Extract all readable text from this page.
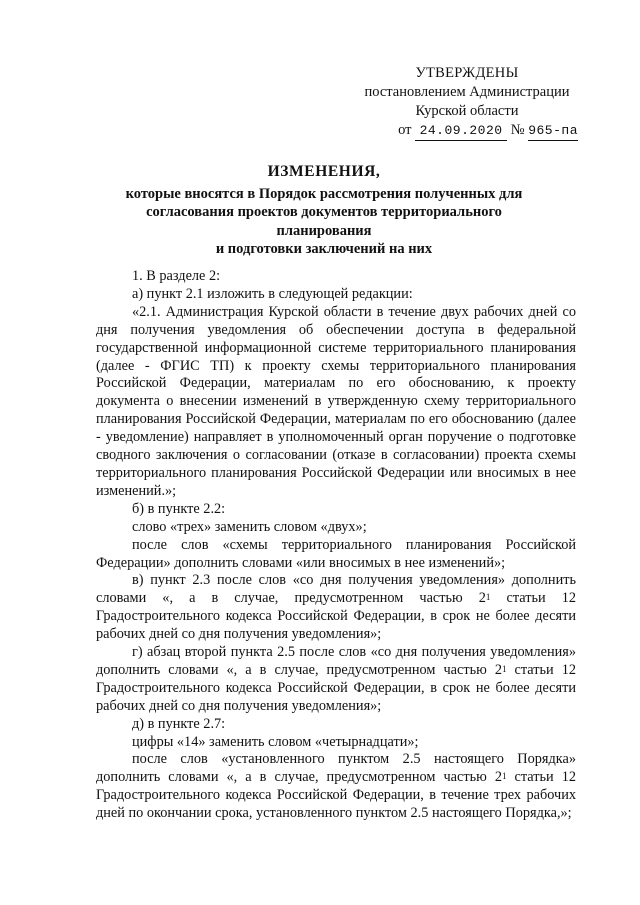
УТВЕРЖДЕНЫ
постановлением Администрации
Курской области
от 24.09.2020 № 965-па
ИЗМЕНЕНИЯ,
которые вносятся в Порядок рассмотрения полученных для
согласования проектов документов территориального планирования
и подготовки заключений на них

1. В разделе 2:

а) пункт 2.1 изложить в следующей редакции:

«2.1. Администрация Курской области в течение двух рабочих дней со дня получения уведомления об обеспечении доступа в федеральной государственной информационной системе территориального планирования (далее - ФГИС ТП) к проекту схемы территориального планирования Российской Федерации, материалам по его обоснованию, к проекту документа о внесении изменений в утвержденную схему территориального планирования Российской Федерации, материалам по его обоснованию (далее - уведомление) направляет в уполномоченный орган поручение о подготовке сводного заключения о согласовании (отказе в согласовании) проекта схемы территориального планирования Российской Федерации или вносимых в нее изменений.»;

б) в пункте 2.2:

слово «трех» заменить словом «двух»;

после слов «схемы территориального планирования Российской Федерации» дополнить словами «или вносимых в нее изменений»;

в) пункт 2.3 после слов «со дня получения уведомления» дополнить словами «, а в случае, предусмотренном частью $2^1$ статьи 12 Градостроительного кодекса Российской Федерации, в срок не более десяти рабочих дней со дня получения уведомления»;

г) абзац второй пункта 2.5 после слов «со дня получения уведомления» дополнить словами «, а в случае, предусмотренном частью $2^1$ статьи 12 Градостроительного кодекса Российской Федерации, в срок не более десяти рабочих дней со дня получения уведомления»;

д) в пункте 2.7:

цифры «14» заменить словом «четырнадцати»;

после слов «установленного пунктом 2.5 настоящего Порядка» дополнить словами «, а в случае, предусмотренном частью $2^1$ статьи 12 Градостроительного кодекса Российской Федерации, в течение трех рабочих дней по окончании срока, установленного пунктом 2.5 настоящего Порядка,»;
